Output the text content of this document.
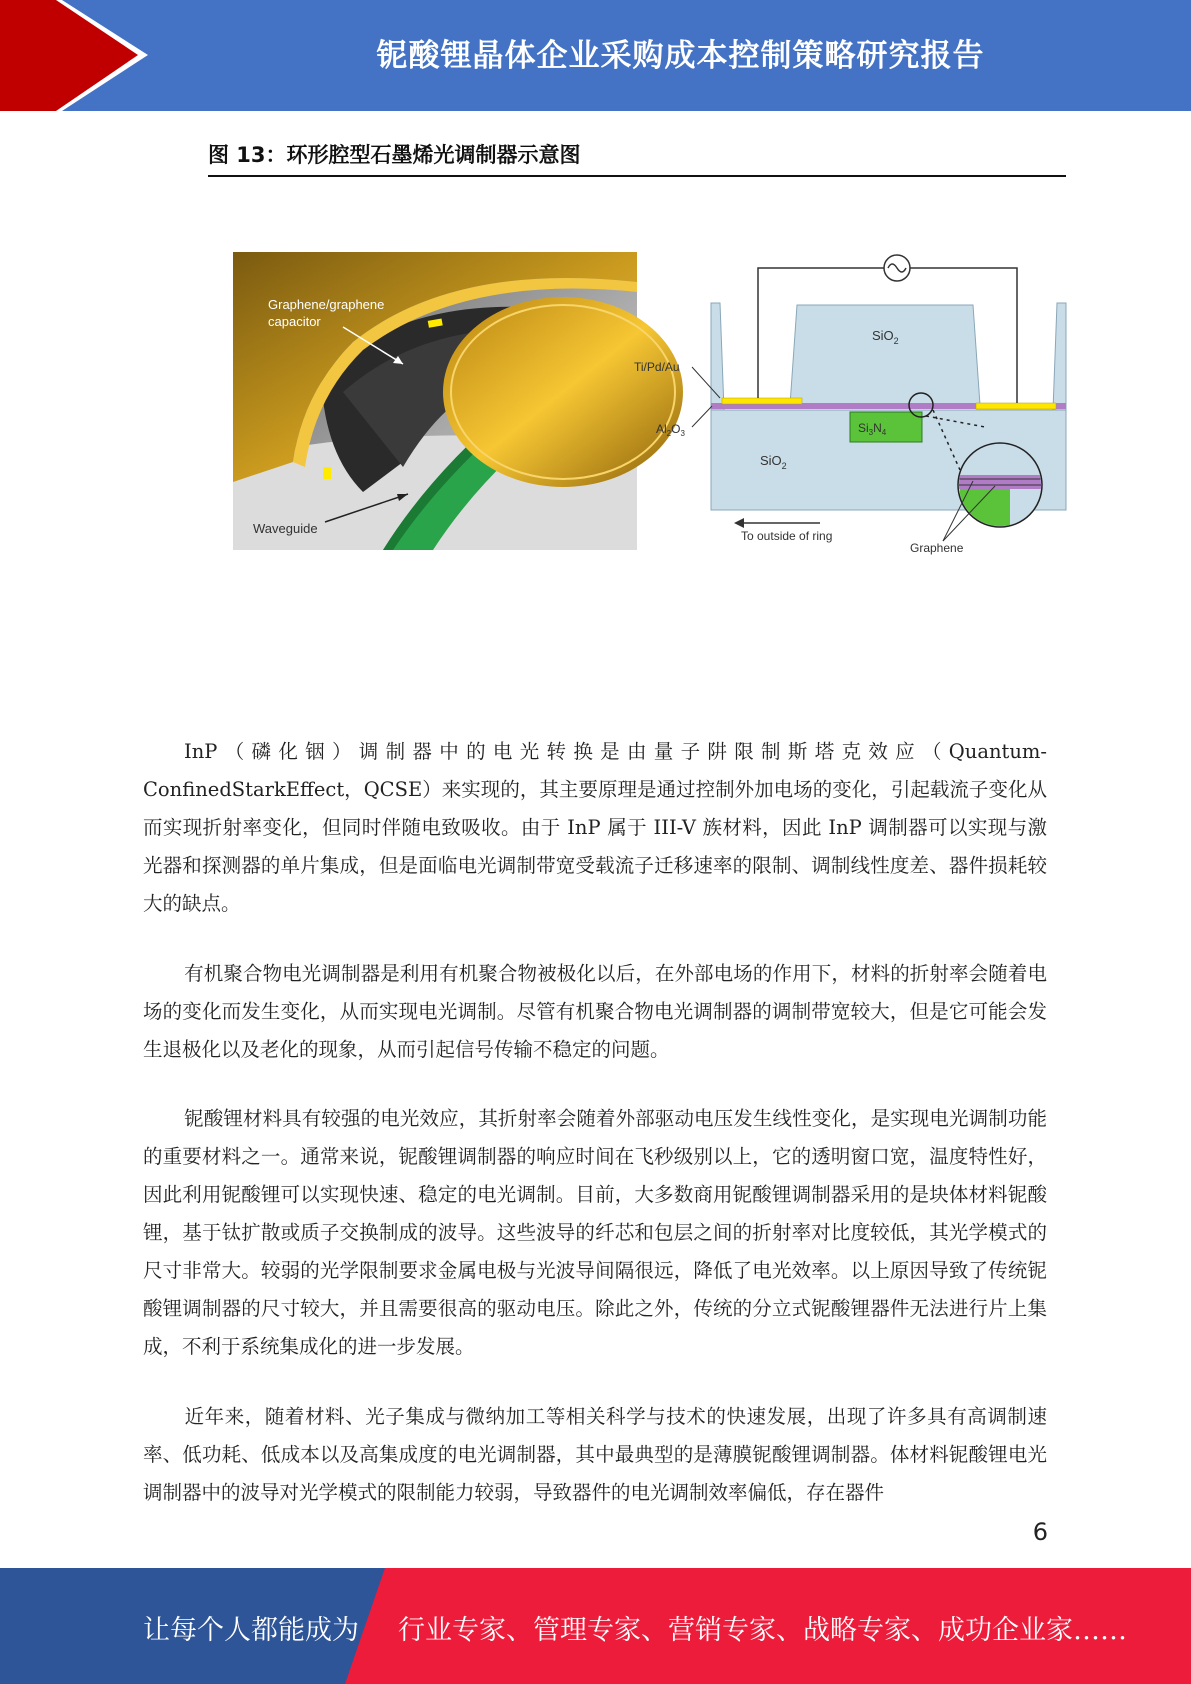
铌酸锂晶体企业采购成本控制策略研究报告
图 13：环形腔型石墨烯光调制器示意图
Graphene/graphene
capacitor
Waveguide
SiO$_2$
SiO$_2$
$Si_3N_4$
Ti/Pd/Au
$Al_2O_3$
To outside of ring
Graphene
InP（磷化铟）调制器中的电光转换是由量子阱限制斯塔克效应（Quantum-ConfinedStarkEffect，QCSE）来实现的，其主要原理是通过控制外加电场的变化，引起载流子变化从而实现折射率变化，但同时伴随电致吸收。由于 InP 属于 III-V 族材料，因此 InP 调制器可以实现与激光器和探测器的单片集成，但是面临电光调制带宽受载流子迁移速率的限制、调制线性度差、器件损耗较大的缺点。
有机聚合物电光调制器是利用有机聚合物被极化以后，在外部电场的作用下，材料的折射率会随着电场的变化而发生变化，从而实现电光调制。尽管有机聚合物电光调制器的调制带宽较大，但是它可能会发生退极化以及老化的现象，从而引起信号传输不稳定的问题。
铌酸锂材料具有较强的电光效应，其折射率会随着外部驱动电压发生线性变化，是实现电光调制功能的重要材料之一。通常来说，铌酸锂调制器的响应时间在飞秒级别以上，它的透明窗口宽，温度特性好，因此利用铌酸锂可以实现快速、稳定的电光调制。目前，大多数商用铌酸锂调制器采用的是块体材料铌酸锂，基于钛扩散或质子交换制成的波导。这些波导的纤芯和包层之间的折射率对比度较低，其光学模式的尺寸非常大。较弱的光学限制要求金属电极与光波导间隔很远，降低了电光效率。以上原因导致了传统铌酸锂调制器的尺寸较大，并且需要很高的驱动电压。除此之外，传统的分立式铌酸锂器件无法进行片上集成，不利于系统集成化的进一步发展。
近年来，随着材料、光子集成与微纳加工等相关科学与技术的快速发展，出现了许多具有高调制速率、低功耗、低成本以及高集成度的电光调制器，其中最典型的是薄膜铌酸锂调制器。体材料铌酸锂电光调制器中的波导对光学模式的限制能力较弱，导致器件的电光调制效率偏低，存在器件
6
让每个人都能成为 行业专家、管理专家、营销专家、战略专家、成功企业家……
